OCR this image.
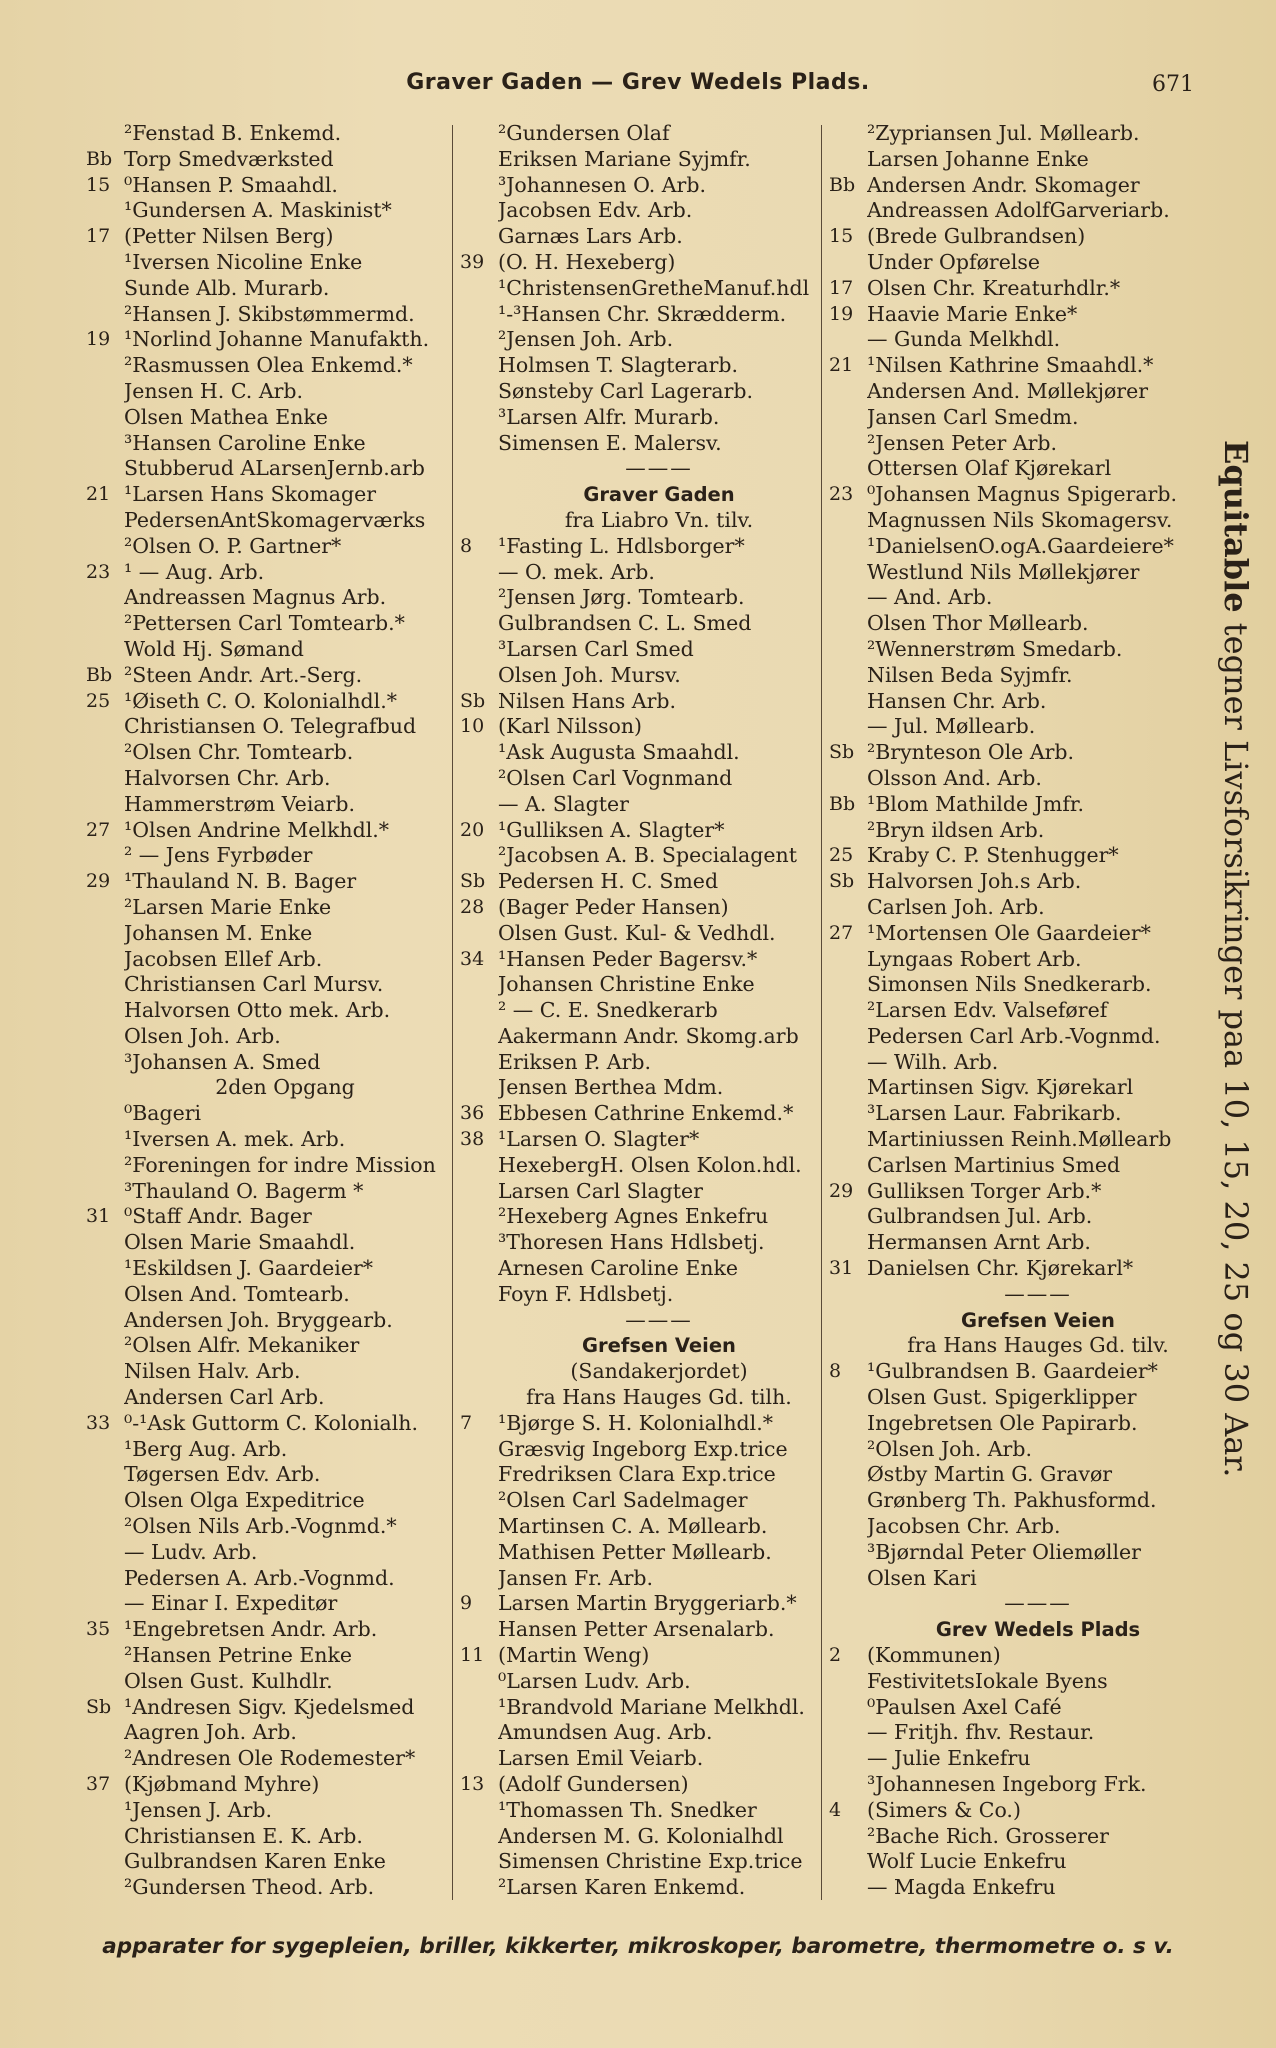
Graver Gaden — Grev Wedels Plads.	671
²Fenstad B. Enkemd.
Bb Torp Smedværksted
15 ⁰Hansen P. Smaahdl.
¹Gundersen A. Maskinist*
17 (Petter Nilsen Berg)
¹Iversen Nicoline Enke
Sunde Alb. Murarb.
²Hansen J. Skibstømmermd.
19 ¹Norlind Johanne Manufakth.
²Rasmussen Olea Enkemd.*
Jensen H. C. Arb.
Olsen Mathea Enke
³Hansen Caroline Enke
Stubberud ALarsenJernb.arb
21 ¹Larsen Hans Skomager
PedersenAntSkomagerværks
²Olsen O. P. Gartner*
23 ¹ — Aug. Arb.
Andreassen Magnus Arb.
²Pettersen Carl Tomtearb.*
Wold Hj. Sømand
Bb ²Steen Andr. Art.-Serg.
25 ¹Øiseth C. O. Kolonialhdl.*
Christiansen O. Telegrafbud
²Olsen Chr. Tomtearb.
Halvorsen Chr. Arb.
Hammerstrøm Veiarb.
27 ¹Olsen Andrine Melkhdl.*
² — Jens Fyrbøder
29 ¹Thauland N. B. Bager
²Larsen Marie Enke
Johansen M. Enke
Jacobsen Ellef Arb.
Christiansen Carl Mursv.
Halvorsen Otto mek. Arb.
Olsen Joh. Arb.
³Johansen A. Smed
2den Opgang
⁰Bageri
¹Iversen A. mek. Arb.
²Foreningen for indre Mission
³Thauland O. Bagerm *
31 ⁰Staff Andr. Bager
Olsen Marie Smaahdl.
¹Eskildsen J. Gaardeier*
Olsen And. Tomtearb.
Andersen Joh. Bryggearb.
²Olsen Alfr. Mekaniker
Nilsen Halv. Arb.
Andersen Carl Arb.
33 ⁰-¹Ask Guttorm C. Kolonialh.
¹Berg Aug. Arb.
Tøgersen Edv. Arb.
Olsen Olga Expeditrice
²Olsen Nils Arb.-Vognmd.*
— Ludv. Arb.
Pedersen A. Arb.-Vognmd.
— Einar I. Expeditør
35 ¹Engebretsen Andr. Arb.
²Hansen Petrine Enke
Olsen Gust. Kulhdlr.
Sb ¹Andresen Sigv. Kjedelsmed
Aagren Joh. Arb.
²Andresen Ole Rodemester*
37 (Kjøbmand Myhre)
¹Jensen J. Arb.
Christiansen E. K. Arb.
Gulbrandsen Karen Enke
²Gundersen Theod. Arb.
²Gundersen Olaf
Eriksen Mariane Syjmfr.
³Johannesen O. Arb.
Jacobsen Edv. Arb.
Garnæs Lars Arb.
39 (O. H. Hexeberg)
¹ChristensenGretheManuf.hdl
¹-³Hansen Chr. Skrædderm.
²Jensen Joh. Arb.
Holmsen T. Slagterarb.
Sønsteby Carl Lagerarb.
³Larsen Alfr. Murarb.
Simensen E. Malersv.
———
Graver Gaden
fra Liabro Vn. tilv.
8	¹Fasting L. Hdlsborger*
— O. mek. Arb.
²Jensen Jørg. Tomtearb.
Gulbrandsen C. L. Smed
³Larsen Carl Smed
Olsen Joh. Mursv.
Sb Nilsen Hans Arb.
10 (Karl Nilsson)
¹Ask Augusta Smaahdl.
²Olsen Carl Vognmand
— A. Slagter
20 ¹Gulliksen A. Slagter*
²Jacobsen A. B. Specialagent
Sb Pedersen H. C. Smed
28 (Bager Peder Hansen)
Olsen Gust. Kul- & Vedhdl.
34 ¹Hansen Peder Bagersv.*
Johansen Christine Enke
² — C. E. Snedkerarb
Aakermann Andr. Skomg.arb
Eriksen P. Arb.
Jensen Berthea Mdm.
36 Ebbesen Cathrine Enkemd.*
38 ¹Larsen O. Slagter*
HexebergH. Olsen Kolon.hdl.
Larsen Carl Slagter
²Hexeberg Agnes Enkefru
³Thoresen Hans Hdlsbetj.
Arnesen Caroline Enke
Foyn F. Hdlsbetj.
———
Grefsen Veien
(Sandakerjordet)
fra Hans Hauges Gd. tilh.
7	¹Bjørge S. H. Kolonialhdl.*
Græsvig Ingeborg Exp.trice
Fredriksen Clara Exp.trice
²Olsen Carl Sadelmager
Martinsen C. A. Møllearb.
Mathisen Petter Møllearb.
Jansen Fr. Arb.
9	Larsen Martin Bryggeriarb.*
Hansen Petter Arsenalarb.
11 (Martin Weng)
⁰Larsen Ludv. Arb.
¹Brandvold Mariane Melkhdl.
Amundsen Aug. Arb.
Larsen Emil Veiarb.
13 (Adolf Gundersen)
¹Thomassen Th. Snedker
Andersen M. G. Kolonialhdl
Simensen Christine Exp.trice
²Larsen Karen Enkemd.
²Zypriansen Jul. Møllearb.
Larsen Johanne Enke
Bb Andersen Andr. Skomager
Andreassen AdolfGarveriarb.
15 (Brede Gulbrandsen)
Under Opførelse
17 Olsen Chr. Kreaturhdlr.*
19 Haavie Marie Enke*
— Gunda Melkhdl.
21 ¹Nilsen Kathrine Smaahdl.*
Andersen And. Møllekjører
Jansen Carl Smedm.
²Jensen Peter Arb.
Ottersen Olaf Kjørekarl
23 ⁰Johansen Magnus Spigerarb.
Magnussen Nils Skomagersv.
¹DanielsenO.ogA.Gaardeiere*
Westlund Nils Møllekjører
— And. Arb.
Olsen Thor Møllearb.
²Wennerstrøm Smedarb.
Nilsen Beda Syjmfr.
Hansen Chr. Arb.
— Jul. Møllearb.
Sb ²Brynteson Ole Arb.
Olsson And. Arb.
Bb ¹Blom Mathilde Jmfr.
²Bryn ildsen Arb.
25 Kraby C. P. Stenhugger*
Sb Halvorsen Joh.s Arb.
Carlsen Joh. Arb.
27 ¹Mortensen Ole Gaardeier*
Lyngaas Robert Arb.
Simonsen Nils Snedkerarb.
²Larsen Edv. Valseføref
Pedersen Carl Arb.-Vognmd.
— Wilh. Arb.
Martinsen Sigv. Kjørekarl
³Larsen Laur. Fabrikarb.
Martiniussen Reinh.Møllearb
Carlsen Martinius Smed
29 Gulliksen Torger Arb.*
Gulbrandsen Jul. Arb.
Hermansen Arnt Arb.
31 Danielsen Chr. Kjørekarl*
———
Grefsen Veien
fra Hans Hauges Gd. tilv.
8	¹Gulbrandsen B. Gaardeier*
Olsen Gust. Spigerklipper
Ingebretsen Ole Papirarb.
²Olsen Joh. Arb.
Østby Martin G. Gravør
Grønberg Th. Pakhusformd.
Jacobsen Chr. Arb.
³Bjørndal Peter Oliemøller
Olsen Kari
———
Grev Wedels Plads
2	(Kommunen)
FestivitetsIokale Byens
⁰Paulsen Axel Café
— Fritjh. fhv. Restaur.
— Julie Enkefru
³Johannesen Ingeborg Frk.
4	(Simers & Co.)
²Bache Rich. Grosserer
Wolf Lucie Enkefru
— Magda Enkefru
Equitable tegner Livsforsikringer paa 10, 15, 20, 25 og 30 Aar.
apparater for sygepleien, briller, kikkerter, mikroskoper, barometre, thermometre o. s v.
